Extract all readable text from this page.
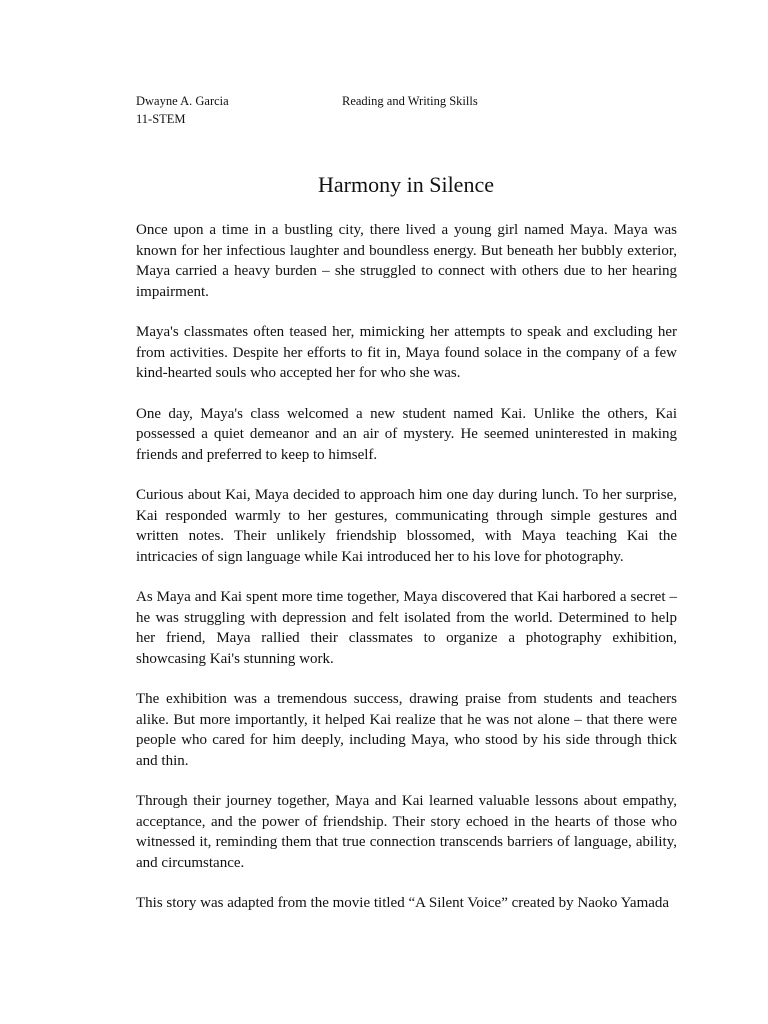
Dwayne A. Garcia	Reading and Writing Skills
11-STEM
Harmony in Silence

Once upon a time in a bustling city, there lived a young girl named Maya. Maya was known for her infectious laughter and boundless energy. But beneath her bubbly exterior, Maya carried a heavy burden – she struggled to connect with others due to her hearing impairment.

Maya's classmates often teased her, mimicking her attempts to speak and excluding her from activities. Despite her efforts to fit in, Maya found solace in the company of a few kind-hearted souls who accepted her for who she was.

One day, Maya's class welcomed a new student named Kai. Unlike the others, Kai possessed a quiet demeanor and an air of mystery. He seemed uninterested in making friends and preferred to keep to himself.

Curious about Kai, Maya decided to approach him one day during lunch. To her surprise, Kai responded warmly to her gestures, communicating through simple gestures and written notes. Their unlikely friendship blossomed, with Maya teaching Kai the intricacies of sign language while Kai introduced her to his love for photography.

As Maya and Kai spent more time together, Maya discovered that Kai harbored a secret – he was struggling with depression and felt isolated from the world. Determined to help her friend, Maya rallied their classmates to organize a photography exhibition, showcasing Kai's stunning work.

The exhibition was a tremendous success, drawing praise from students and teachers alike. But more importantly, it helped Kai realize that he was not alone – that there were people who cared for him deeply, including Maya, who stood by his side through thick and thin.

Through their journey together, Maya and Kai learned valuable lessons about empathy, acceptance, and the power of friendship. Their story echoed in the hearts of those who witnessed it, reminding them that true connection transcends barriers of language, ability, and circumstance.

This story was adapted from the movie titled “A Silent Voice” created by Naoko Yamada
